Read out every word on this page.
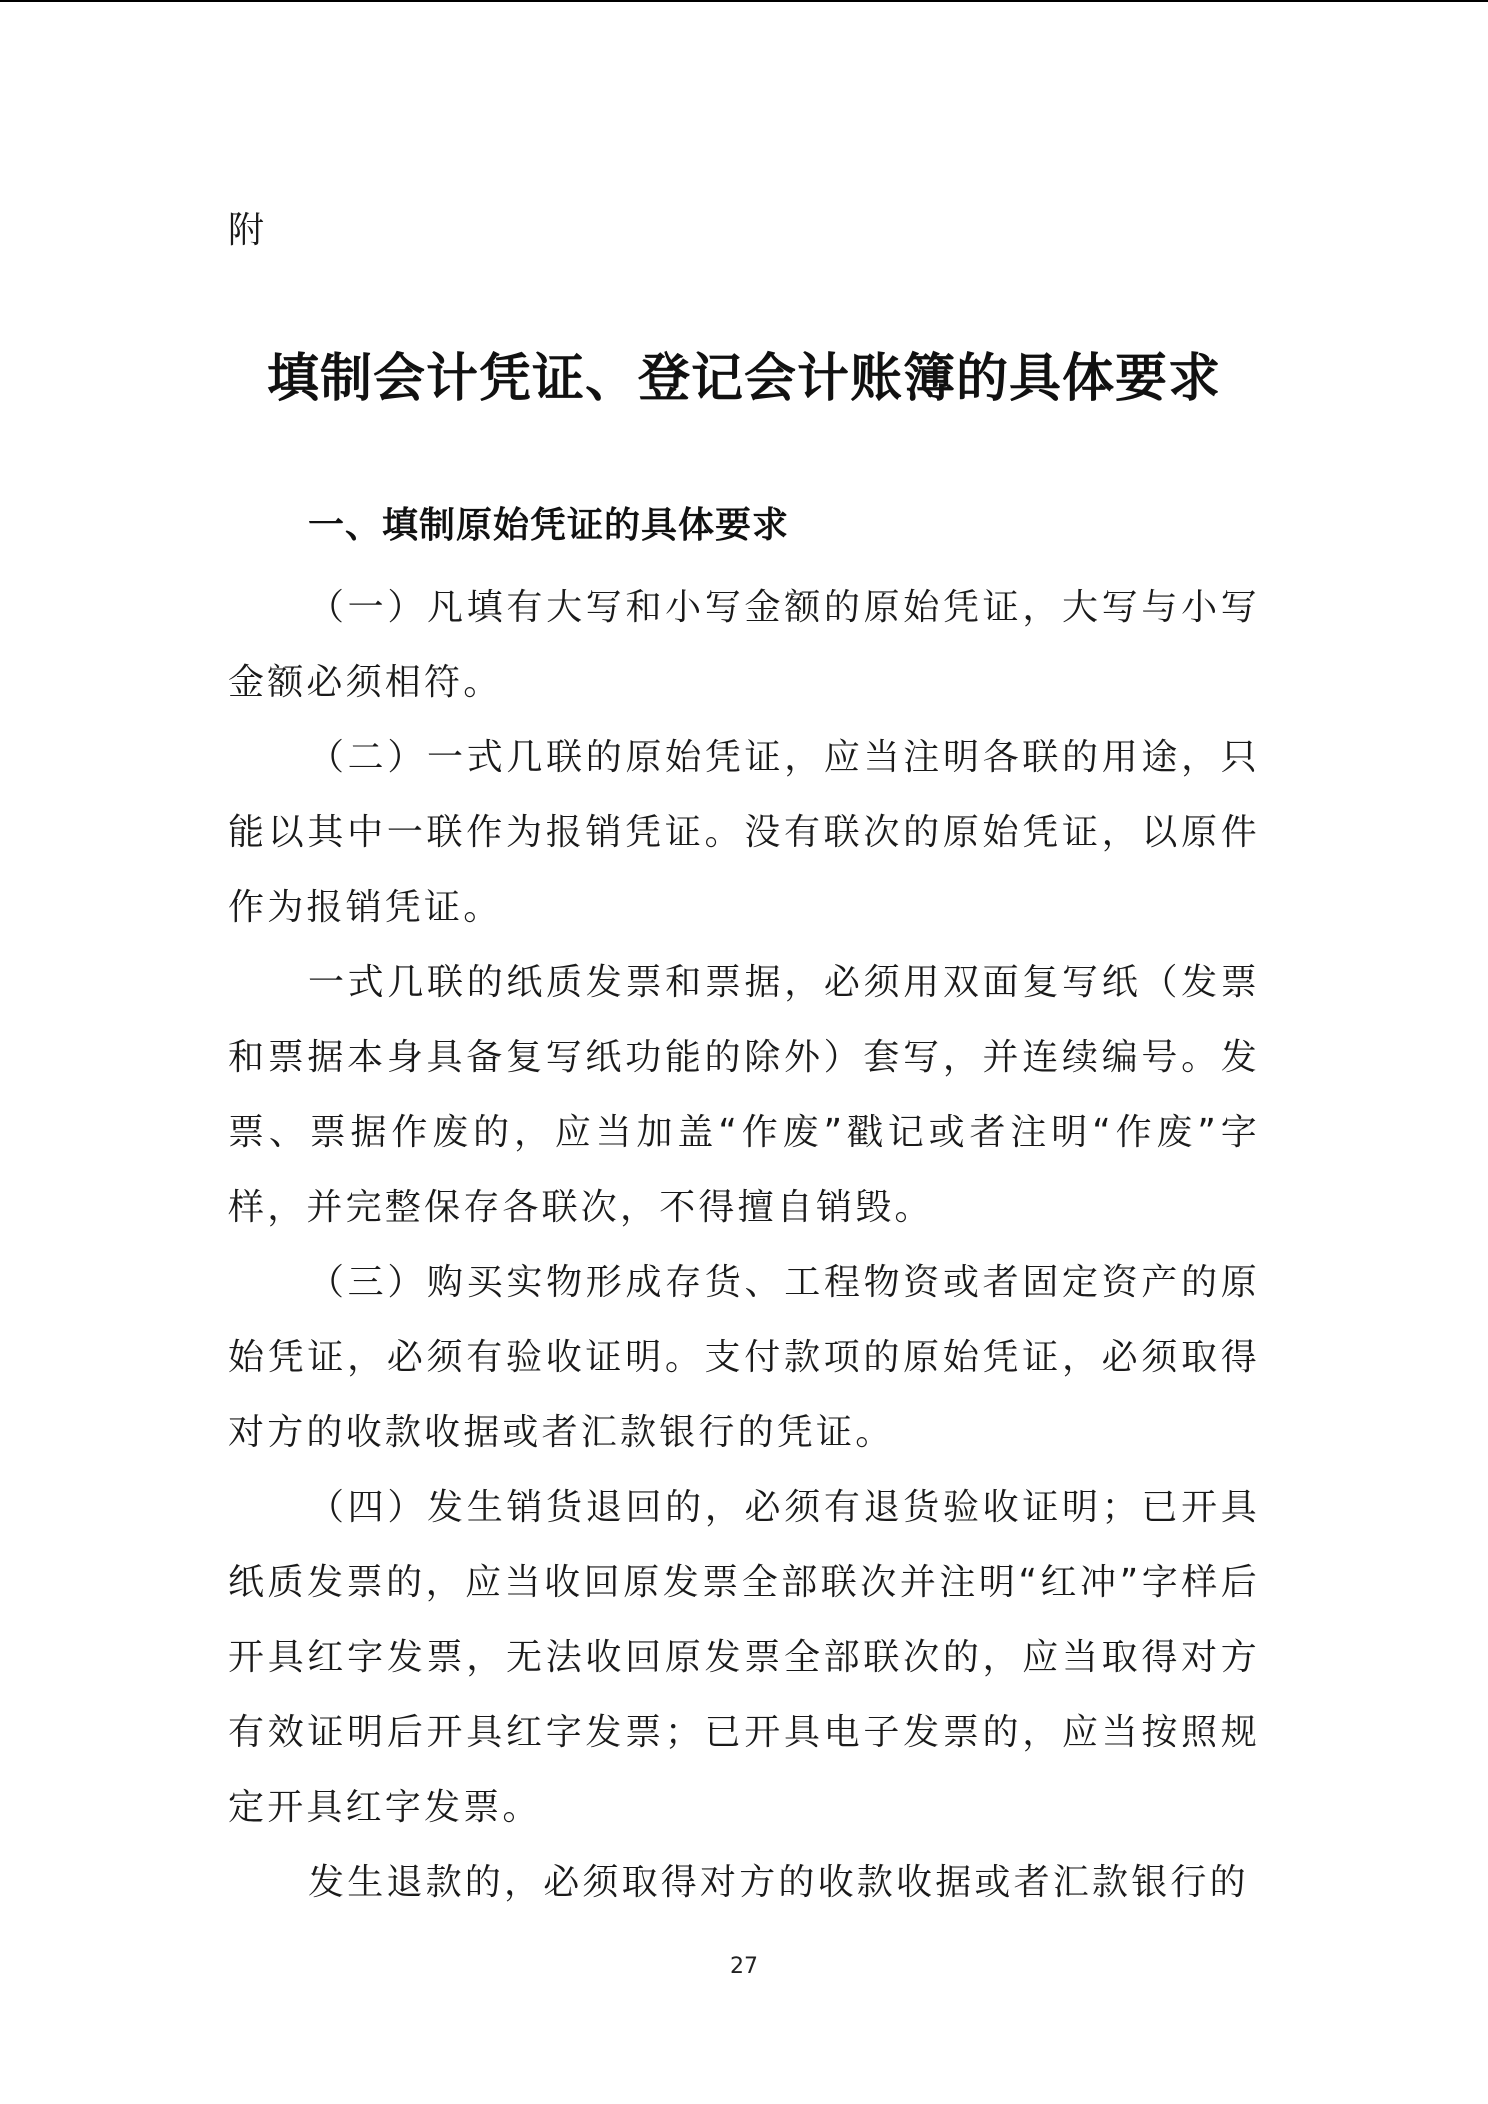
附
填制会计凭证、登记会计账簿的具体要求
一、填制原始凭证的具体要求

（一）凡填有大写和小写金额的原始凭证，大写与小写金额必须相符。

（二）一式几联的原始凭证，应当注明各联的用途，只能以其中一联作为报销凭证。没有联次的原始凭证，以原件作为报销凭证。

一式几联的纸质发票和票据，必须用双面复写纸（发票和票据本身具备复写纸功能的除外）套写，并连续编号。发票、票据作废的，应当加盖“作废”戳记或者注明“作废”字样，并完整保存各联次，不得擅自销毁。

（三）购买实物形成存货、工程物资或者固定资产的原始凭证，必须有验收证明。支付款项的原始凭证，必须取得对方的收款收据或者汇款银行的凭证。

（四）发生销货退回的，必须有退货验收证明；已开具纸质发票的，应当收回原发票全部联次并注明“红冲”字样后开具红字发票，无法收回原发票全部联次的，应当取得对方有效证明后开具红字发票；已开具电子发票的，应当按照规定开具红字发票。

发生退款的，必须取得对方的收款收据或者汇款银行的

27
